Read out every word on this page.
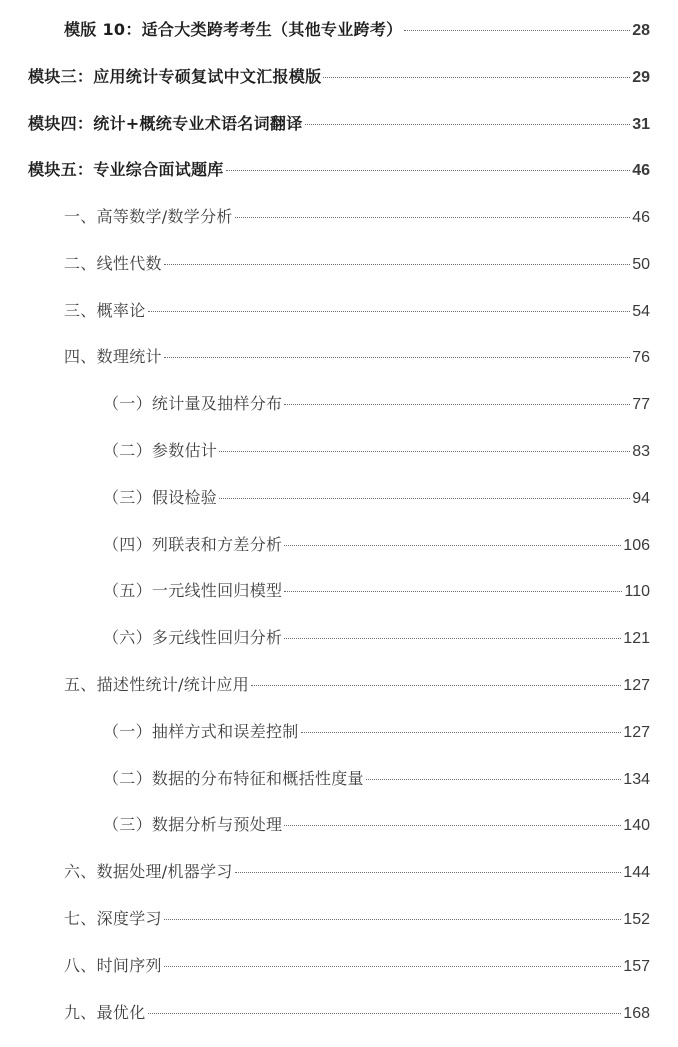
模版 10：适合大类跨考考生（其他专业跨考）	28
模块三：应用统计专硕复试中文汇报模版	29
模块四：统计+概统专业术语名词翻译	31
模块五：专业综合面试题库	46
一、高等数学/数学分析	46
二、线性代数	50
三、概率论	54
四、数理统计	76
（一）统计量及抽样分布	77
（二）参数估计	83
（三）假设检验	94
（四）列联表和方差分析	106
（五）一元线性回归模型	110
（六）多元线性回归分析	121
五、描述性统计/统计应用	127
（一）抽样方式和误差控制	127
（二）数据的分布特征和概括性度量	134
（三）数据分析与预处理	140
六、数据处理/机器学习	144
七、深度学习	152
八、时间序列	157
九、最优化	168
